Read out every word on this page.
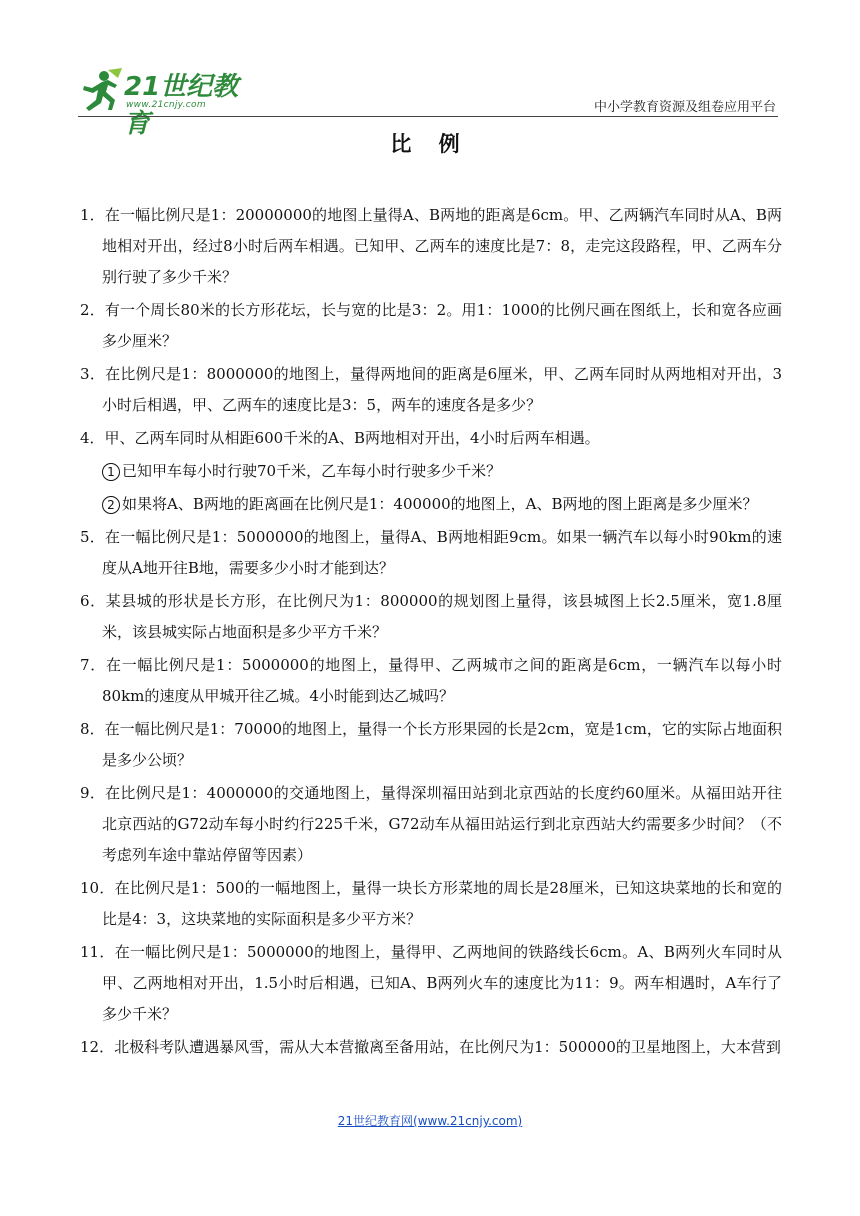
21世纪教育
www.21cnjy.com	中小学教育资源及组卷应用平台
比 例

1．在一幅比例尺是1：20000000的地图上量得A、B两地的距离是6cm。甲、乙两辆汽车同时从A、B两地相对开出，经过8小时后两车相遇。已知甲、乙两车的速度比是7：8，走完这段路程，甲、乙两车分别行驶了多少千米？

2．有一个周长80米的长方形花坛，长与宽的比是3：2。用1：1000的比例尺画在图纸上，长和宽各应画多少厘米？

3．在比例尺是1：8000000的地图上，量得两地间的距离是6厘米，甲、乙两车同时从两地相对开出，3小时后相遇，甲、乙两车的速度比是3：5，两车的速度各是多少？

4．甲、乙两车同时从相距600千米的A、B两地相对开出，4小时后两车相遇。

1 已知甲车每小时行驶70千米，乙车每小时行驶多少千米？

2 如果将A、B两地的距离画在比例尺是1：400000的地图上，A、B两地的图上距离是多少厘米？

5．在一幅比例尺是1：5000000的地图上，量得A、B两地相距9cm。如果一辆汽车以每小时90km的速度从A地开往B地，需要多少小时才能到达？

6．某县城的形状是长方形，在比例尺为1：800000的规划图上量得，该县城图上长2.5厘米，宽1.8厘米，该县城实际占地面积是多少平方千米？

7．在一幅比例尺是1：5000000的地图上，量得甲、乙两城市之间的距离是6cm，一辆汽车以每小时80km的速度从甲城开往乙城。4小时能到达乙城吗？

8．在一幅比例尺是1：70000的地图上，量得一个长方形果园的长是2cm，宽是1cm，它的实际占地面积是多少公顷？

9．在比例尺是1：4000000的交通地图上，量得深圳福田站到北京西站的长度约60厘米。从福田站开往北京西站的G72动车每小时约行225千米，G72动车从福田站运行到北京西站大约需要多少时间？（不考虑列车途中靠站停留等因素）

10．在比例尺是1：500的一幅地图上，量得一块长方形菜地的周长是28厘米，已知这块菜地的长和宽的比是4：3，这块菜地的实际面积是多少平方米？

11．在一幅比例尺是1：5000000的地图上，量得甲、乙两地间的铁路线长6cm。A、B两列火车同时从甲、乙两地相对开出，1.5小时后相遇，已知A、B两列火车的速度比为11：9。两车相遇时，A车行了多少千米？

12．北极科考队遭遇暴风雪，需从大本营撤离至备用站，在比例尺为1：500000的卫星地图上，大本营到

21世纪教育网(www.21cnjy.com)
